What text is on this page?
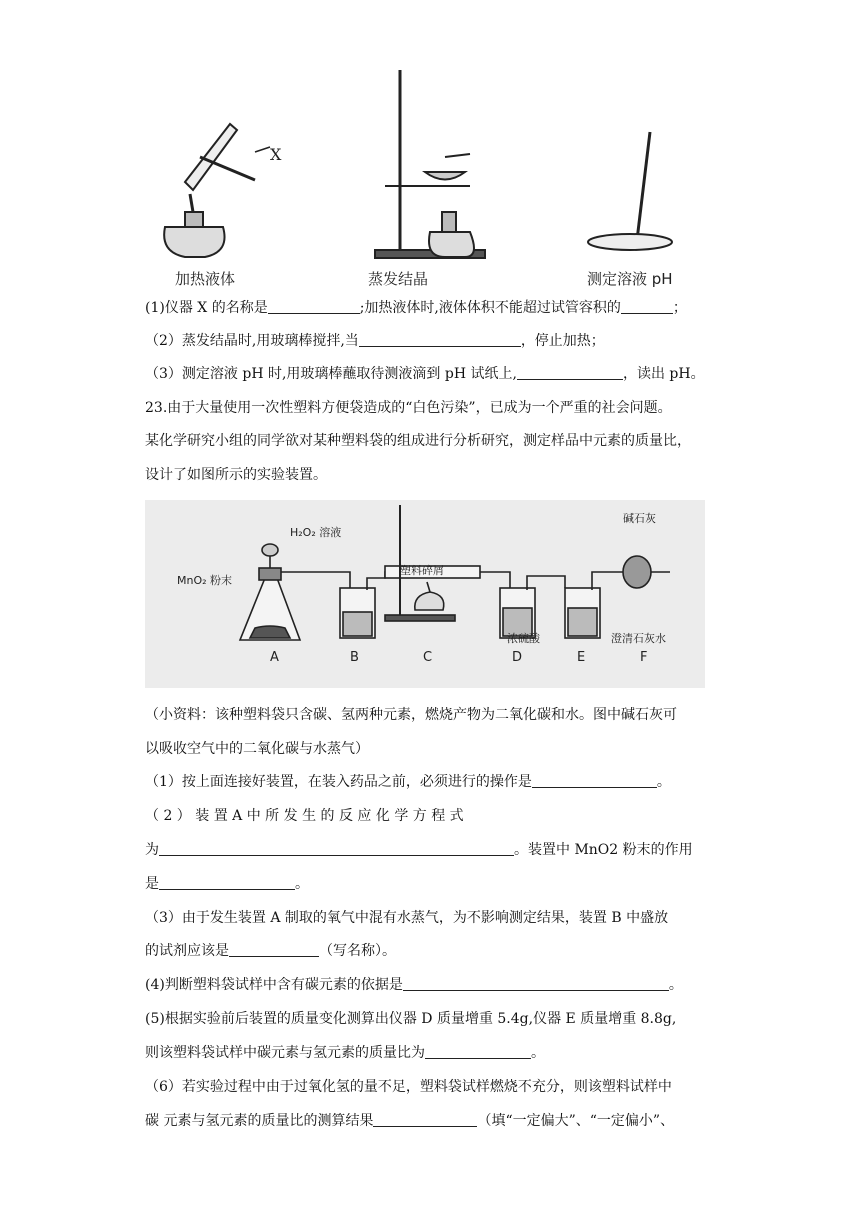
X
加热液体	蒸发结晶	测定溶液 pH
(1)仪器 X 的名称是	;加热液体时,液体体积不能超过试管容积的	；
（2）蒸发结晶时,用玻璃棒搅拌,当	，停止加热；
（3）测定溶液 pH 时,用玻璃棒蘸取待测液滴到 pH 试纸上,	，读出 pH。
23.由于大量使用一次性塑料方便袋造成的“白色污染”，已成为一个严重的社会问题。
某化学研究小组的同学欲对某种塑料袋的组成进行分析研究，测定样品中元素的质量比，
设计了如图所示的实验装置。
H₂O₂ 溶液
塑料碎屑
MnO₂ 粉末
碱石灰
浓硫酸	澄清石灰水
A	B	C	D	E	F
（小资料：该种塑料袋只含碳、氢两种元素，燃烧产物为二氧化碳和水。图中碱石灰可
以吸收空气中的二氧化碳与水蒸气）
（1）按上面连接好装置，在装入药品之前，必须进行的操作是	。
（ 2 ） 装 置 A 中 所 发 生 的 反 应 化 学 方 程 式
为	。装置中 MnO2 粉末的作用
是	。
（3）由于发生装置 A 制取的氧气中混有水蒸气，为不影响测定结果，装置 B 中盛放
的试剂应该是	（写名称）。
(4)判断塑料袋试样中含有碳元素的依据是	。
(5)根据实验前后装置的质量变化测算出仪器 D 质量增重 5.4g,仪器 E 质量增重 8.8g,
则该塑料袋试样中碳元素与氢元素的质量比为	。
（6）若实验过程中由于过氧化氢的量不足，塑料袋试样燃烧不充分，则该塑料试样中
碳 元素与氢元素的质量比的测算结果	（填“一定偏大”、“一定偏小”、
